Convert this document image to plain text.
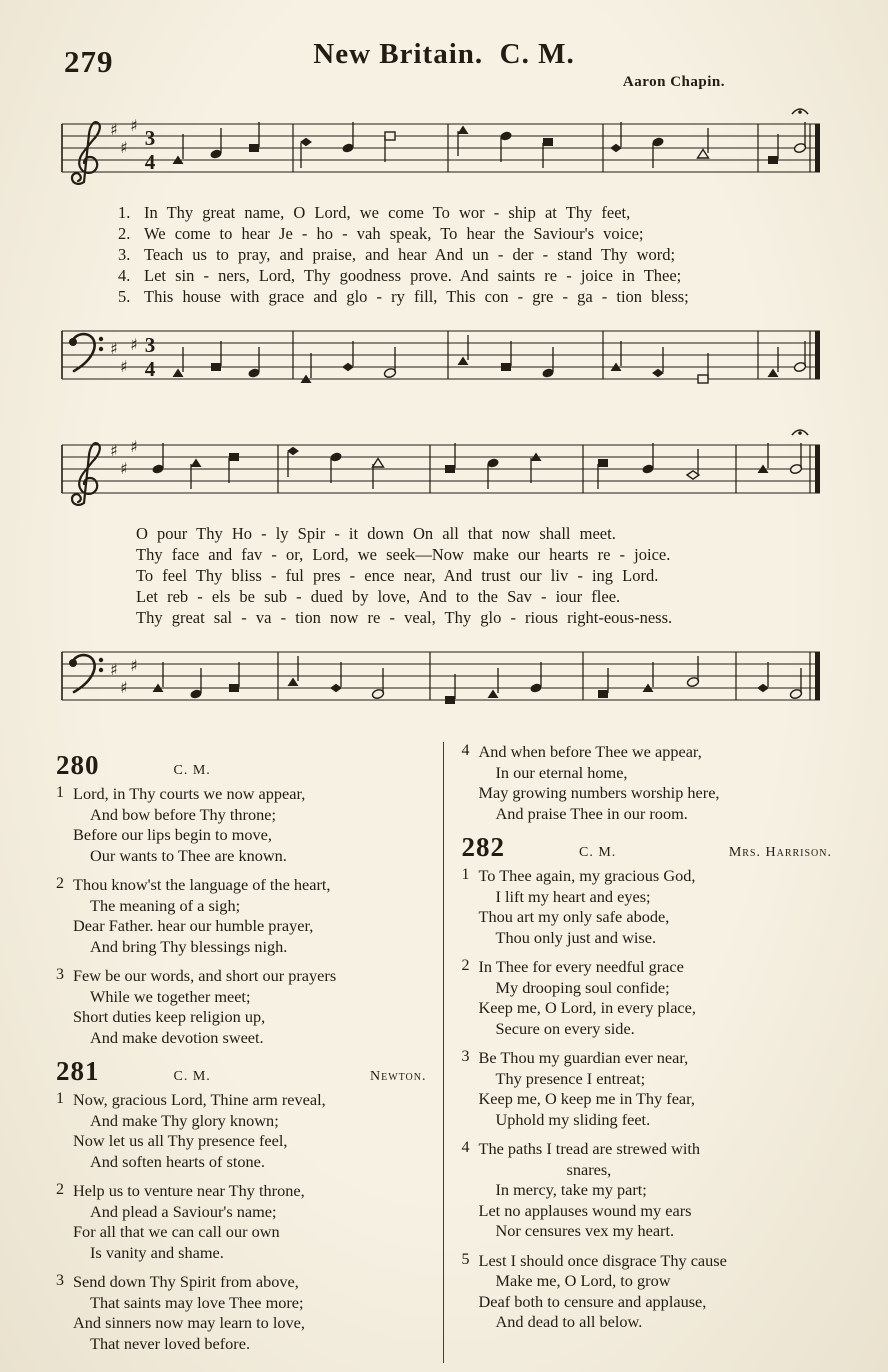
279	New Britain.  C. M.
Aaron Chapin.
♯
♯
♯
3
4
1. In Thy great name, O Lord, we come To wor - ship at Thy feet,
2. We come to hear Je - ho - vah speak, To hear the Saviour's voice;
3. Teach us to pray, and praise, and hear And un - der - stand Thy word;
4. Let sin - ners, Lord, Thy goodness prove. And saints re - joice in Thee;
5. This house with grace and glo - ry fill, This con - gre - ga - tion bless;
♯
♯
♯ 3
4
♯
♯
♯
O pour Thy Ho - ly Spir - it down On all that now shall meet.
Thy face and fav - or, Lord, we seek—Now make our hearts re - joice.
To feel Thy bliss - ful pres - ence near, And trust our liv - ing Lord.
Let reb - els be sub - dued by love, And to the Sav - iour flee.
Thy great sal - va - tion now re - veal, Thy glo - rious right-eous-ness.
♯
♯
♯
280	C. M.
1 Lord, in Thy courts we now appear,
And bow before Thy throne;
Before our lips begin to move,
Our wants to Thee are known.
2 Thou know'st the language of the heart,
The meaning of a sigh;
Dear Father. hear our humble prayer,
And bring Thy blessings nigh.
3 Few be our words, and short our prayers
While we together meet;
Short duties keep religion up,
And make devotion sweet.
281	C. M.	Newton.
1 Now, gracious Lord, Thine arm reveal,
And make Thy glory known;
Now let us all Thy presence feel,
And soften hearts of stone.
2 Help us to venture near Thy throne,
And plead a Saviour's name;
For all that we can call our own
Is vanity and shame.
3 Send down Thy Spirit from above,
That saints may love Thee more;
And sinners now may learn to love,
That never loved before.
4 And when before Thee we appear,
In our eternal home,
May growing numbers worship here,
And praise Thee in our room.
282	C. M.	Mrs. Harrison.
1 To Thee again, my gracious God,
I lift my heart and eyes;
Thou art my only safe abode,
Thou only just and wise.
2 In Thee for every needful grace
My drooping soul confide;
Keep me, O Lord, in every place,
Secure on every side.
3 Be Thou my guardian ever near,
Thy presence I entreat;
Keep me, O keep me in Thy fear,
Uphold my sliding feet.
4 The paths I tread are strewed with
snares,
In mercy, take my part;
Let no applauses wound my ears
Nor censures vex my heart.
5 Lest I should once disgrace Thy cause
Make me, O Lord, to grow
Deaf both to censure and applause,
And dead to all below.
